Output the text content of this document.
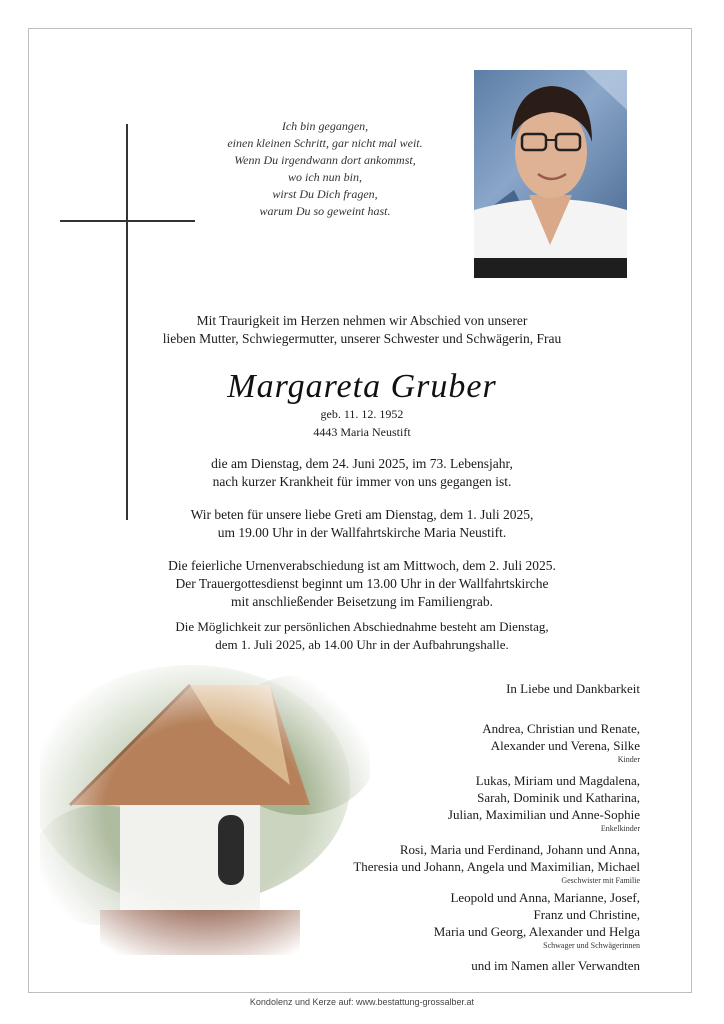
Ich bin gegangen,
einen kleinen Schritt, gar nicht mal weit.
Wenn Du irgendwann dort ankommst,
wo ich nun bin,
wirst Du Dich fragen,
warum Du so geweint hast.
Mit Traurigkeit im Herzen nehmen wir Abschied von unserer
lieben Mutter, Schwiegermutter, unserer Schwester und Schwägerin, Frau
Margareta Gruber
geb. 11. 12. 1952
4443 Maria Neustift
die am Dienstag, dem 24. Juni 2025, im 73. Lebensjahr,
nach kurzer Krankheit für immer von uns gegangen ist.
Wir beten für unsere liebe Greti am Dienstag, dem 1. Juli 2025,
um 19.00 Uhr in der Wallfahrtskirche Maria Neustift.
Die feierliche Urnenverabschiedung ist am Mittwoch, dem 2. Juli 2025.
Der Trauergottesdienst beginnt um 13.00 Uhr in der Wallfahrtskirche
mit anschließender Beisetzung im Familiengrab.
Die Möglichkeit zur persönlichen Abschiednahme besteht am Dienstag,
dem 1. Juli 2025, ab 14.00 Uhr in der Aufbahrungshalle.
In Liebe und Dankbarkeit
Andrea, Christian und Renate,
Alexander und Verena, Silke
Kinder
Lukas, Miriam und Magdalena,
Sarah, Dominik und Katharina,
Julian, Maximilian und Anne-Sophie
Enkelkinder
Rosi, Maria und Ferdinand, Johann und Anna,
Theresia und Johann, Angela und Maximilian, Michael
Geschwister mit Familie
Leopold und Anna, Marianne, Josef,
Franz und Christine,
Maria und Georg, Alexander und Helga
Schwager und Schwägerinnen
und im Namen aller Verwandten
Kondolenz und Kerze auf: www.bestattung-grossalber.at
